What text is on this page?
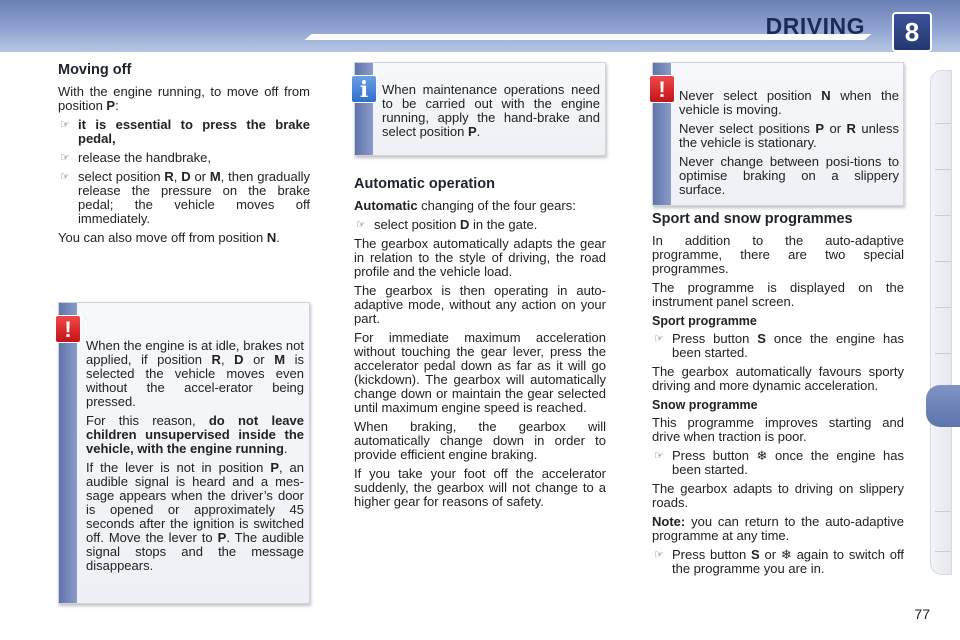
DRIVING	8
Moving off

With the engine running, to move off from position P:

☞ it is essential to press the brake pedal,
☞ release the handbrake,
☞ select position R, D or M, then gradually release the pressure on the brake pedal; the vehicle moves off immediately.

You can also move off from position N.

!

When the engine is at idle, brakes not applied, if position R, D or M is selected the vehicle moves even without the accel-erator being pressed.

For this reason, do not leave children unsupervised inside the vehicle, with the engine running.

If the lever is not in position P, an audible signal is heard and a mes-sage appears when the driver’s door is opened or approximately 45 seconds after the ignition is switched off. Move the lever to P. The audible signal stops and the message disappears.

i	When maintenance operations need to be carried out with the engine running, apply the hand-brake and select position P.

Automatic operation

Automatic changing of the four gears:

☞ select position D in the gate.

The gearbox automatically adapts the gear in relation to the style of driving, the road profile and the vehicle load.

The gearbox is then operating in auto-adaptive mode, without any action on your part.

For immediate maximum acceleration without touching the gear lever, press the accelerator pedal down as far as it will go (kickdown). The gearbox will automatically change down or maintain the gear selected until maximum engine speed is reached.

When braking, the gearbox will automatically change down in order to provide efficient engine braking.

If you take your foot off the accelerator suddenly, the gearbox will not change to a higher gear for reasons of safety.

!	Never select position N when the vehicle is moving.

Never select positions P or R unless the vehicle is stationary.

Never change between posi-tions to optimise braking on a slippery surface.

Sport and snow programmes

In addition to the auto-adaptive programme, there are two special programmes.

The programme is displayed on the instrument panel screen.

Sport programme
☞ Press button S once the engine has been started.

The gearbox automatically favours sporty driving and more dynamic acceleration.

Snow programme

This programme improves starting and drive when traction is poor.

☞ Press button ❄ once the engine has been started.

The gearbox adapts to driving on slippery roads.

Note: you can return to the auto-adaptive programme at any time.

☞ Press button S or ❄ again to switch off the programme you are in.
77
